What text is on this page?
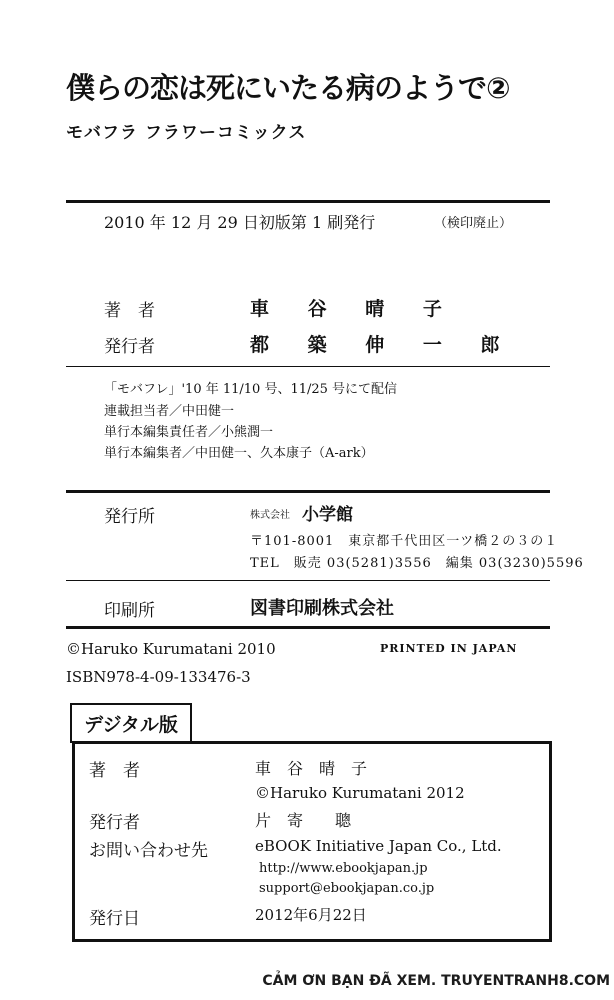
僕らの恋は死にいたる病のようで②
モバフラ フラワーコミックス
2010 年 12 月 29 日初版第 1 刷発行	（検印廃止）
著　者	車 谷 晴 子
発行者	都 築 伸 一 郎
「モバフレ」'10 年 11/10 号、11/25 号にて配信
連載担当者／中田健一
単行本編集責任者／小熊潤一
単行本編集者／中田健一、久本康子（A-ark）
発行所	株式会社 小学館
〒101-8001　東京都千代田区一ツ橋２の３の１
TEL　販売 03(5281)3556　編集 03(3230)5596
印刷所	図書印刷株式会社
©Haruko Kurumatani 2010	PRINTED IN JAPAN
ISBN978-4-09-133476-3
デジタル版
著　者	車　谷　晴　子
©Haruko Kurumatani 2012
発行者	片　寄　　聰
お問い合わせ先	eBOOK Initiative Japan Co., Ltd.
http://www.ebookjapan.jp
support@ebookjapan.co.jp
発行日	2012年6月22日
CẢM ƠN BẠN ĐÃ XEM. TRUYENTRANH8.COM
